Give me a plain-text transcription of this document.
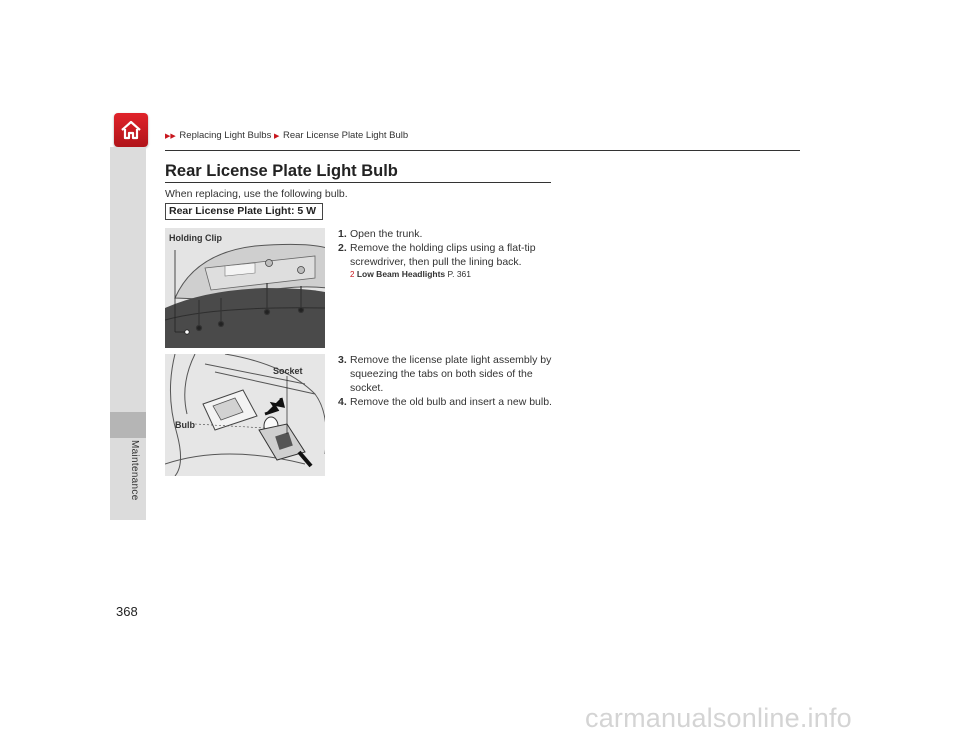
Maintenance
▶▶ Replacing Light Bulbs ▶ Rear License Plate Light Bulb
Rear License Plate Light Bulb
When replacing, use the following bulb.
Rear License Plate Light: 5 W
Holding Clip
Socket
Bulb
1. Open the trunk.
2. Remove the holding clips using a flat-tip
screwdriver, then pull the lining back.
2 Low Beam Headlights P. 361
3. Remove the license plate light assembly by
squeezing the tabs on both sides of the
socket.
4. Remove the old bulb and insert a new bulb.
368
carmanualsonline.info
